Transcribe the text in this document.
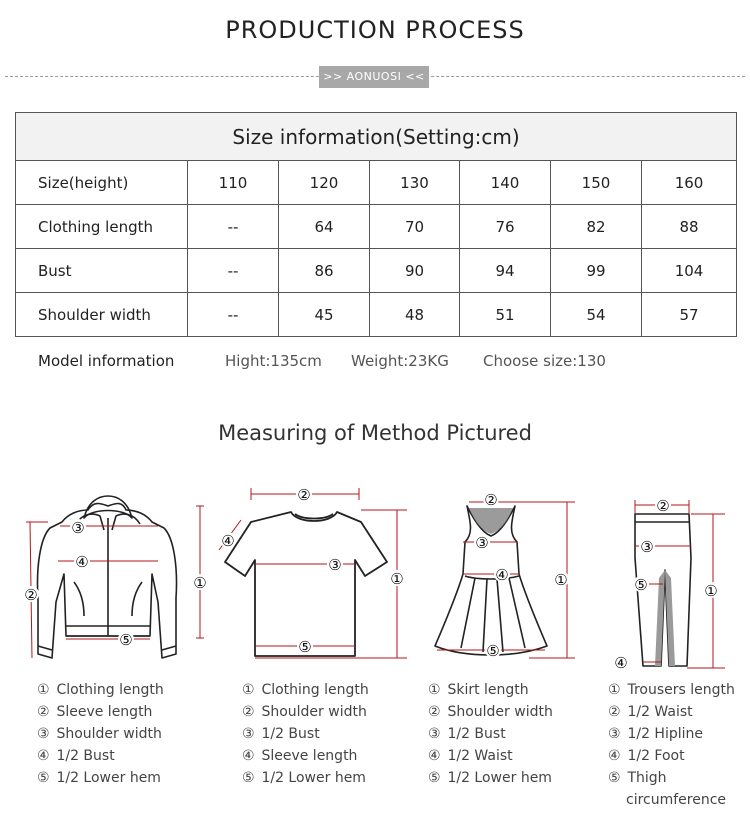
PRODUCTION PROCESS
>> AONUOSI <<
Size information(Setting:cm)						
Size(height)	110	120	130	140	150	160
Clothing length	--	64	70	76	82	88
Bust	--	86	90	94	99	104
Shoulder width	--	45	48	51	54	57
Model information	Hight:135cm Weight:23KG Choose size:130
Measuring of Method Pictured
①
②
③
④
⑤
①
②
③
④
⑤
①
②
③
④
⑤
①
②
③
④
⑤
① Clothing length
② Sleeve length
③ Shoulder width
④ 1/2 Bust
⑤ 1/2 Lower hem
① Clothing length
② Shoulder width
③ 1/2 Bust
④ Sleeve length
⑤ 1/2 Lower hem
① Skirt length
② Shoulder width
③ 1/2 Bust
④ 1/2 Waist
⑤ 1/2 Lower hem
① Trousers length
② 1/2 Waist
③ 1/2 Hipline
④ 1/2 Foot
⑤ Thigh
circumference
